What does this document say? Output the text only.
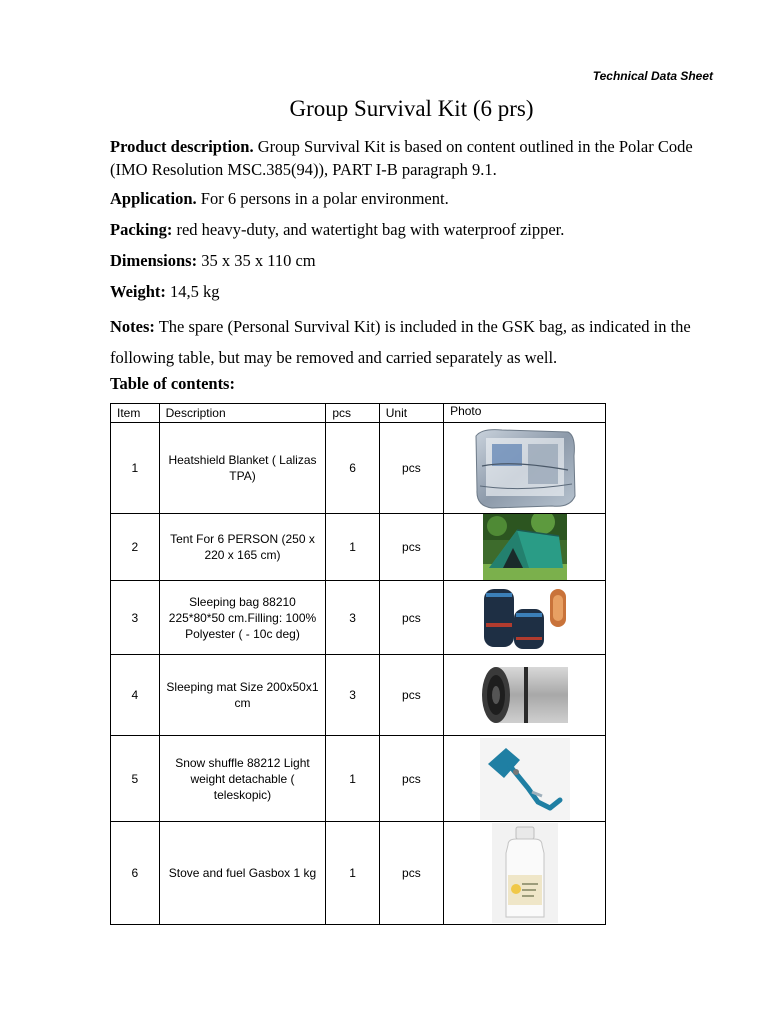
Technical Data Sheet
Group Survival Kit (6 prs)

Product description. Group Survival Kit is based on content outlined in the Polar Code (IMO Resolution MSC.385(94)), PART I-B paragraph 9.1.

Application. For 6 persons in a polar environment.

Packing: red heavy-duty, and watertight bag with waterproof zipper.

Dimensions: 35 x 35 x 110 cm

Weight: 14,5 kg

Notes: The spare (Personal Survival Kit) is included in the GSK bag, as indicated in the following table, but may be removed and carried separately as well.

Table of contents:

Item	Description	pcs	Unit	Photo
1	Heatshield Blanket ( Lalizas TPA)	6	pcs	

2	Tent For 6 PERSON (250 x 220 x 165 cm)	1	pcs	

3	Sleeping bag 88210 225*80*50 cm.Filling: 100% Polyester ( - 10c deg)	3	pcs	

4	Sleeping mat Size 200x50x1 cm	3	pcs	

5	Snow shuffle 88212 Light weight detachable ( teleskopic)	1	pcs	

6	Stove and fuel Gasbox 1 kg	1	pcs	
